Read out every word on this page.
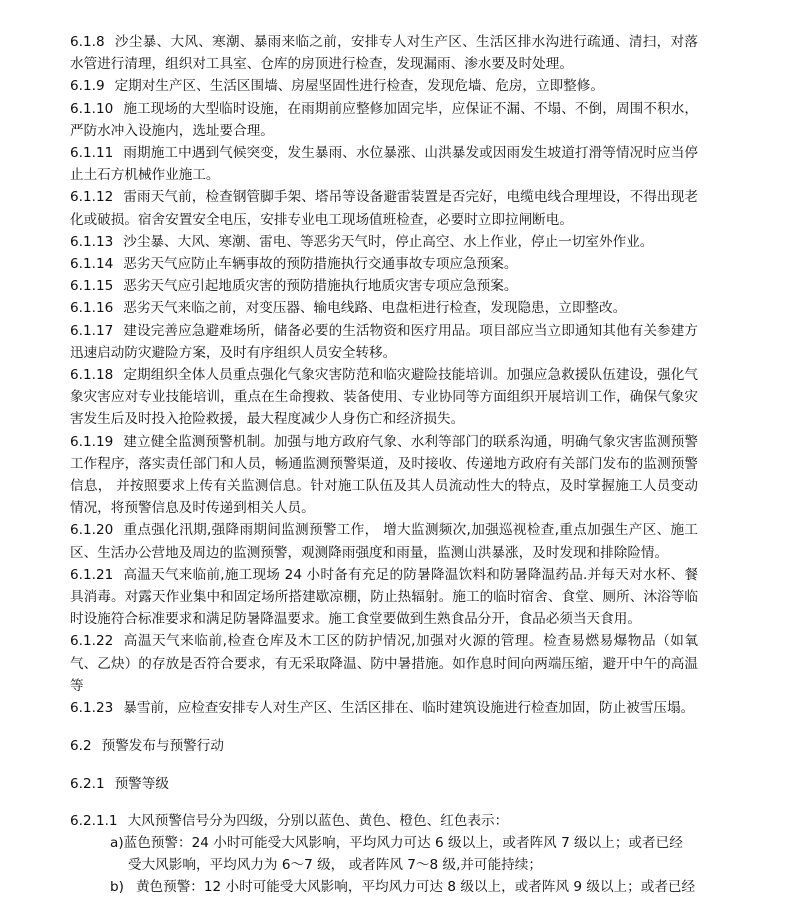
6.1.8 沙尘暴、大风、寒潮、暴雨来临之前，安排专人对生产区、生活区排水沟进行疏通、清扫，对落水管进行清理，组织对工具室、仓库的房顶进行检查，发现漏雨、渗水要及时处理。

6.1.9 定期对生产区、生活区围墙、房屋坚固性进行检查，发现危墙、危房，立即整修。

6.1.10 施工现场的大型临时设施，在雨期前应整修加固完毕，应保证不漏、不塌、不倒，周围不积水，严防水冲入设施内，选址要合理。

6.1.11 雨期施工中遇到气候突变，发生暴雨、水位暴涨、山洪暴发或因雨发生坡道打滑等情况时应当停止土石方机械作业施工。

6.1.12 雷雨天气前，检查钢管脚手架、塔吊等设备避雷装置是否完好，电缆电线合理埋设，不得出现老化或破损。宿舍安置安全电压，安排专业电工现场值班检查，必要时立即拉闸断电。

6.1.13 沙尘暴、大风、寒潮、雷电、等恶劣天气时，停止高空、水上作业，停止一切室外作业。

6.1.14 恶劣天气应防止车辆事故的预防措施执行交通事故专项应急预案。

6.1.15 恶劣天气应引起地质灾害的预防措施执行地质灾害专项应急预案。

6.1.16 恶劣天气来临之前，对变压器、输电线路、电盘柜进行检查，发现隐患，立即整改。

6.1.17 建设完善应急避难场所，储备必要的生活物资和医疗用品。项目部应当立即通知其他有关参建方迅速启动防灾避险方案，及时有序组织人员安全转移。

6.1.18 定期组织全体人员重点强化气象灾害防范和临灾避险技能培训。加强应急救援队伍建设，强化气象灾害应对专业技能培训，重点在生命搜救、装备使用、专业协同等方面组织开展培训工作，确保气象灾害发生后及时投入抢险救援，最大程度减少人身伤亡和经济损失。

6.1.19 建立健全监测预警机制。加强与地方政府气象、水利等部门的联系沟通，明确气象灾害监测预警工作程序，落实责任部门和人员，畅通监测预警渠道，及时接收、传递地方政府有关部门发布的监测预警信息， 并按照要求上传有关监测信息。针对施工队伍及其人员流动性大的特点，及时掌握施工人员变动情况，将预警信息及时传递到相关人员。

6.1.20 重点强化汛期,强降雨期间监测预警工作， 增大监测频次,加强巡视检查,重点加强生产区、施工区、生活办公营地及周边的监测预警，观测降雨强度和雨量，监测山洪暴涨，及时发现和排除险情。

6.1.21 高温天气来临前,施工现场 24 小时备有充足的防暑降温饮料和防暑降温药品.并每天对水杯、餐具消毒。对露天作业集中和固定场所搭建歇凉棚，防止热辐射。施工的临时宿舍、食堂、厕所、沐浴等临时设施符合标准要求和满足防暑降温要求。施工食堂要做到生熟食品分开，食品必须当天食用。

6.1.22 高温天气来临前,检查仓库及木工区的防护情况,加强对火源的管理。检查易燃易爆物品（如氧气、乙炔）的存放是否符合要求，有无采取降温、防中暑措施。如作息时间向两端压缩，避开中午的高温等

6.1.23 暴雪前，应检查安排专人对生产区、生活区排在、临时建筑设施进行检查加固，防止被雪压塌。

6.2 预警发布与预警行动

6.2.1 预警等级

6.2.1.1 大风预警信号分为四级，分别以蓝色、黄色、橙色、红色表示：

a)蓝色预警：24 小时可能受大风影响，平均风力可达 6 级以上，或者阵风 7 级以上；或者已经
受大风影响，平均风力为 6～7 级， 或者阵风 7～8 级,并可能持续；

b) 黄色预警：12 小时可能受大风影响，平均风力可达 8 级以上，或者阵风 9 级以上；或者已经
